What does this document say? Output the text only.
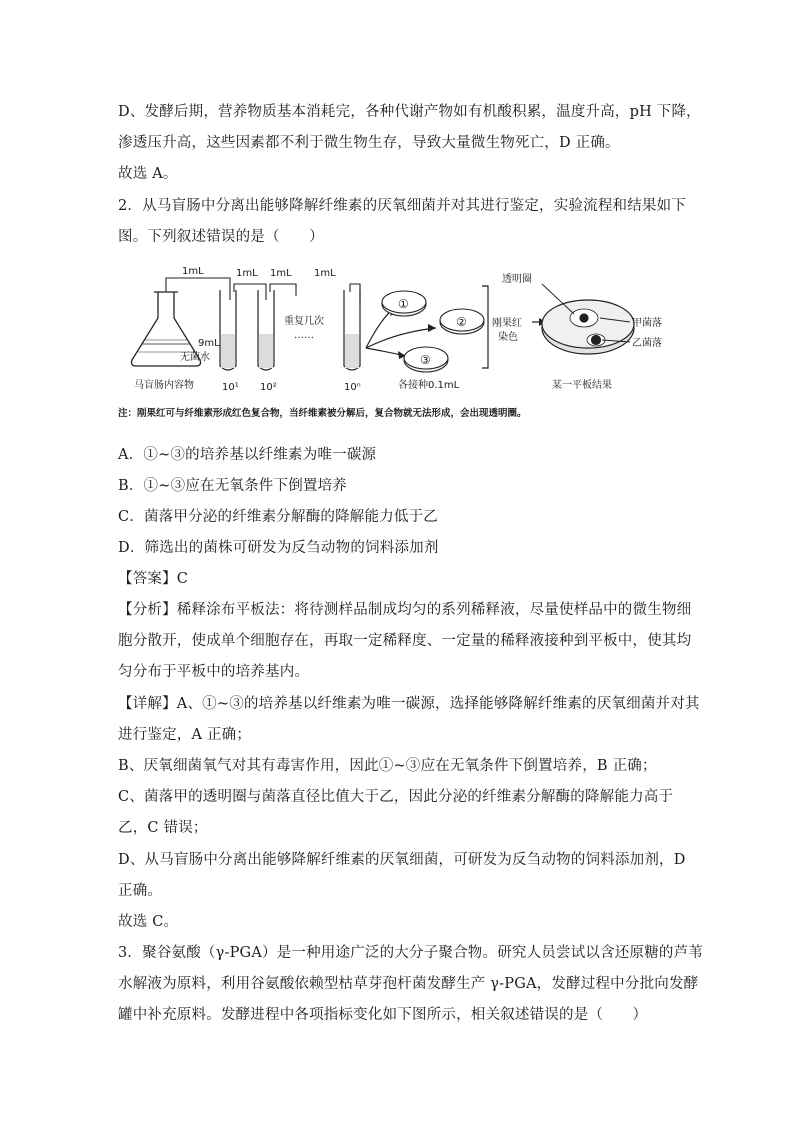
D、发酵后期，营养物质基本消耗完，各种代谢产物如有机酸积累，温度升高，pH 下降，
渗透压升高，这些因素都不利于微生物生存，导致大量微生物死亡，D 正确。
故选 A。
2．从马盲肠中分离出能够降解纤维素的厌氧细菌并对其进行鉴定，实验流程和结果如下
图。下列叙述错误的是（　　）
1mL	1mL 1mL 1mL
9mL
无菌水
马盲肠内容物	10¹ 10²	10ⁿ
重复几次
……
①
②
③
各接种0.1mL
刚果红
染色
透明圈
甲菌落
乙菌落
某一平板结果
注：刚果红可与纤维素形成红色复合物，当纤维素被分解后，复合物就无法形成，会出现透明圈。
A．①~③的培养基以纤维素为唯一碳源
B．①~③应在无氧条件下倒置培养
C．菌落甲分泌的纤维素分解酶的降解能力低于乙
D．筛选出的菌株可研发为反刍动物的饲料添加剂
【答案】C
【分析】稀释涂布平板法：将待测样品制成均匀的系列稀释液，尽量使样品中的微生物细
胞分散开，使成单个细胞存在，再取一定稀释度、一定量的稀释液接种到平板中，使其均
匀分布于平板中的培养基内。
【详解】A、①~③的培养基以纤维素为唯一碳源，选择能够降解纤维素的厌氧细菌并对其
进行鉴定，A 正确；
B、厌氧细菌氧气对其有毒害作用，因此①~③应在无氧条件下倒置培养，B 正确；
C、菌落甲的透明圈与菌落直径比值大于乙，因此分泌的纤维素分解酶的降解能力高于
乙，C 错误；
D、从马盲肠中分离出能够降解纤维素的厌氧细菌，可研发为反刍动物的饲料添加剂，D
正确。
故选 C。
3．聚谷氨酸（γ-PGA）是一种用途广泛的大分子聚合物。研究人员尝试以含还原糖的芦苇
水解液为原料，利用谷氨酸依赖型枯草芽孢杆菌发酵生产 γ-PGA，发酵过程中分批向发酵
罐中补充原料。发酵进程中各项指标变化如下图所示，相关叙述错误的是（　　）
